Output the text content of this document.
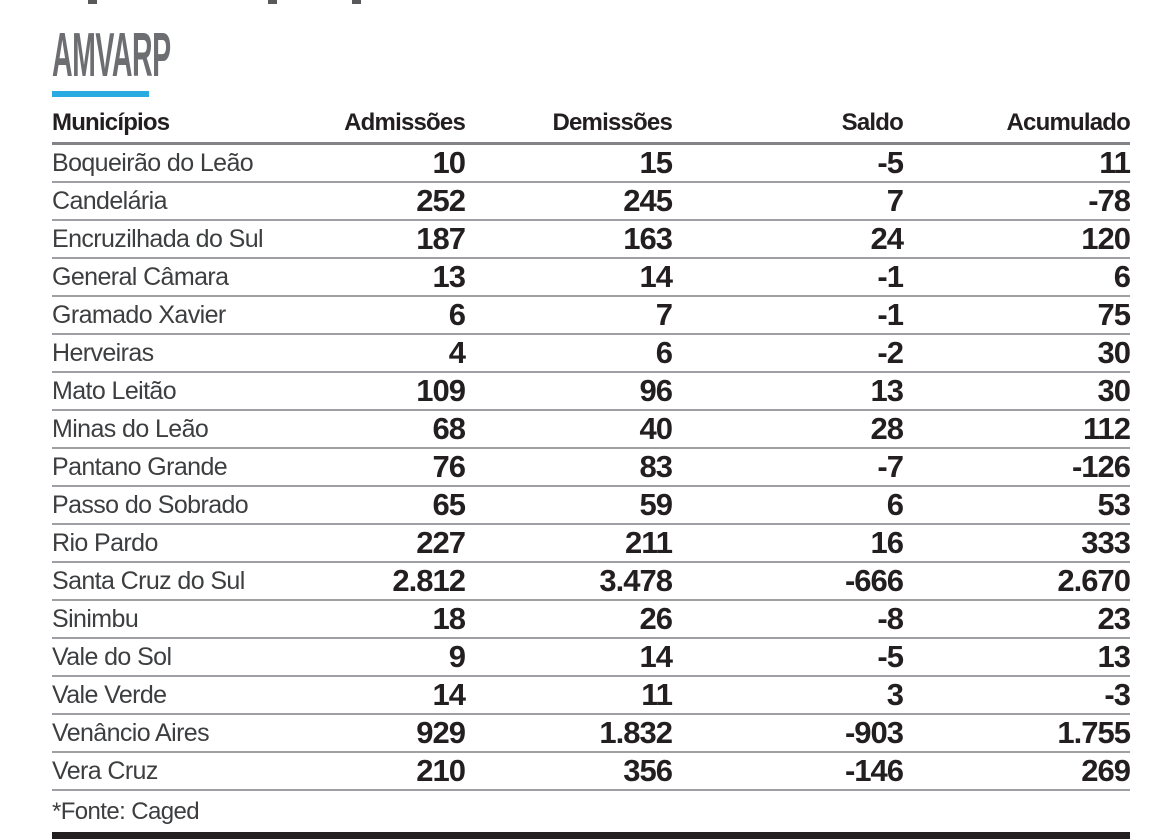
AMVARP
Municípios	Admissões	Demissões	Saldo	Acumulado
Boqueirão do Leão	10	15	-5	11
Candelária	252	245	7	-78
Encruzilhada do Sul	187	163	24	120
General Câmara	13	14	-1	6
Gramado Xavier	6	7	-1	75
Herveiras	4	6	-2	30
Mato Leitão	109	96	13	30
Minas do Leão	68	40	28	112
Pantano Grande	76	83	-7	-126
Passo do Sobrado	65	59	6	53
Rio Pardo	227	211	16	333
Santa Cruz do Sul	2.812	3.478	-666	2.670
Sinimbu	18	26	-8	23
Vale do Sol	9	14	-5	13
Vale Verde	14	11	3	-3
Venâncio Aires	929	1.832	-903	1.755
Vera Cruz	210	356	-146	269
*Fonte: Caged				
